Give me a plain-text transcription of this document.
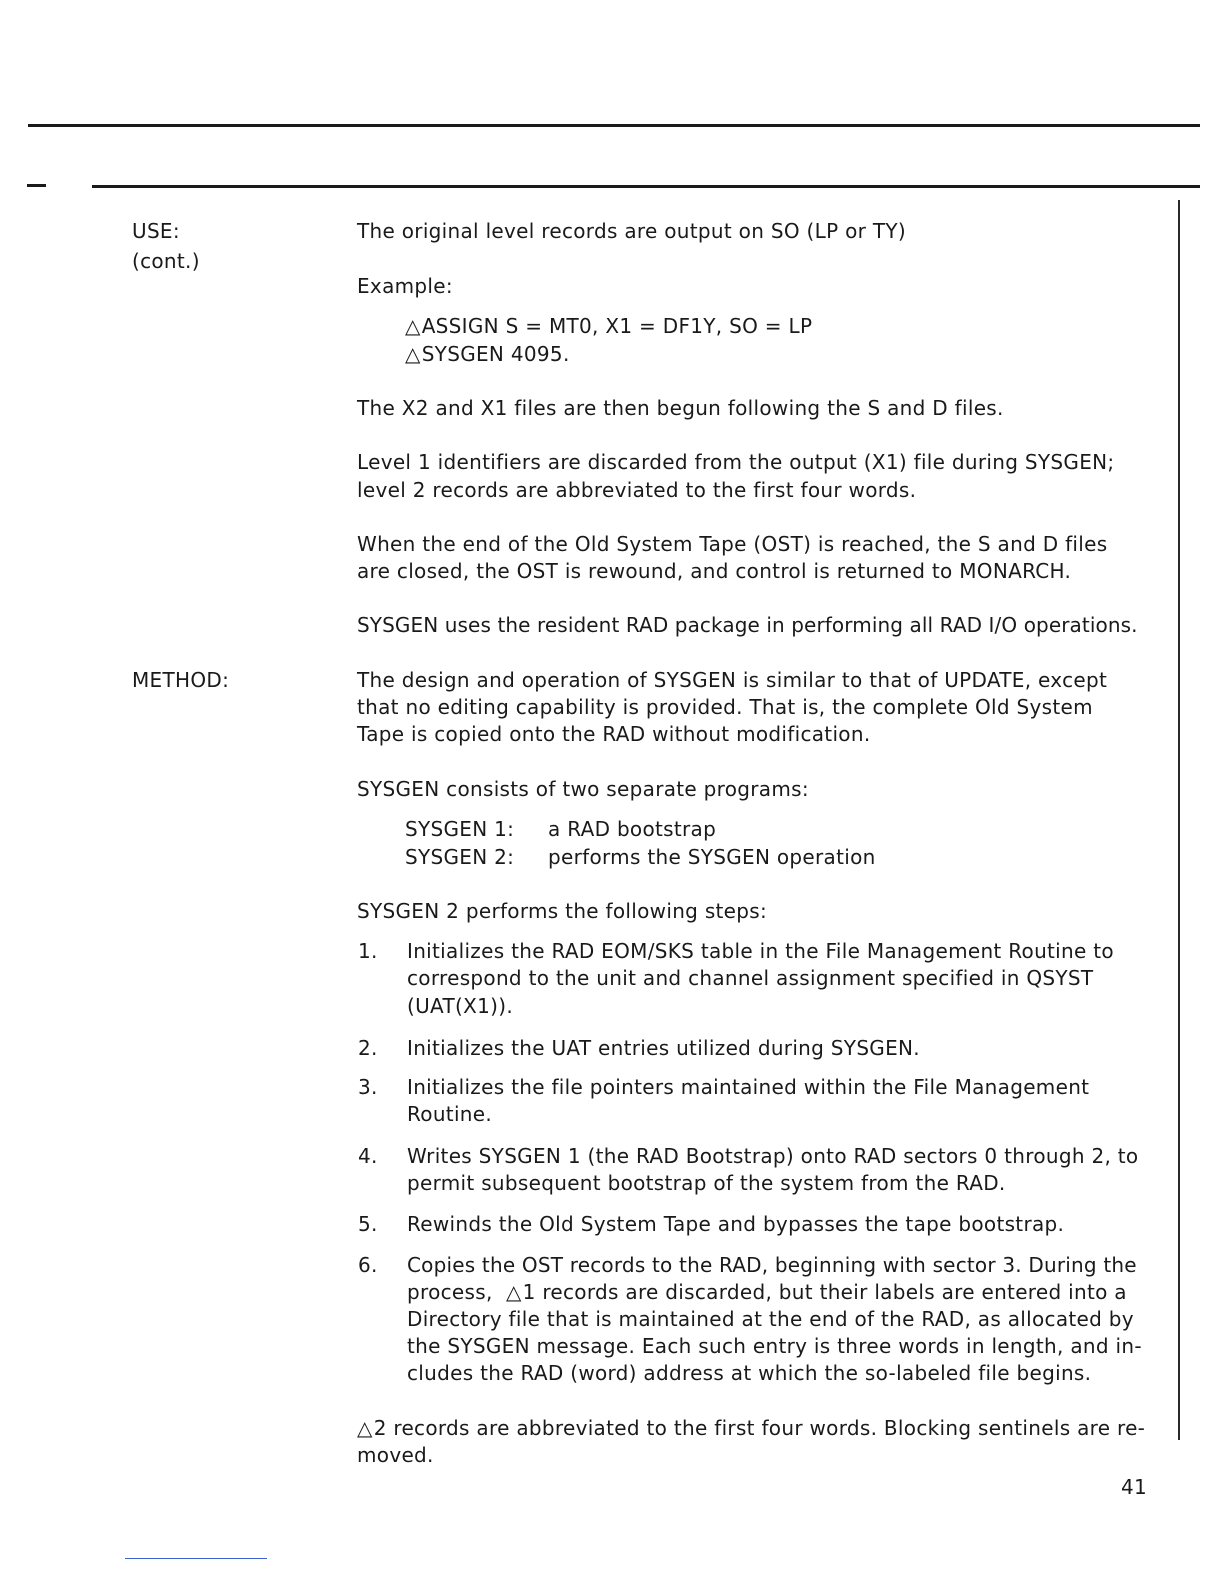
USE:
(cont.)
The original level records are output on SO (LP or TY)
Example:
△ASSIGN S = MT0, X1 = DF1Y, SO = LP
△SYSGEN 4095.
The X2 and X1 files are then begun following the S and D files.
Level 1 identifiers are discarded from the output (X1) file during SYSGEN;
level 2 records are abbreviated to the first four words.
When the end of the Old System Tape (OST) is reached, the S and D files
are closed, the OST is rewound, and control is returned to MONARCH.
SYSGEN uses the resident RAD package in performing all RAD I/O operations.
METHOD:	The design and operation of SYSGEN is similar to that of UPDATE, except
that no editing capability is provided. That is, the complete Old System
Tape is copied onto the RAD without modification.
SYSGEN consists of two separate programs:
SYSGEN 1: a RAD bootstrap
SYSGEN 2: performs the SYSGEN operation
SYSGEN 2 performs the following steps:
1. Initializes the RAD EOM/SKS table in the File Management Routine to
correspond to the unit and channel assignment specified in QSYST
(UAT(X1)).
2. Initializes the UAT entries utilized during SYSGEN.
3. Initializes the file pointers maintained within the File Management
Routine.
4. Writes SYSGEN 1 (the RAD Bootstrap) onto RAD sectors 0 through 2, to
permit subsequent bootstrap of the system from the RAD.
5. Rewinds the Old System Tape and bypasses the tape bootstrap.
6. Copies the OST records to the RAD, beginning with sector 3. During the
process, △1 records are discarded, but their labels are entered into a
Directory file that is maintained at the end of the RAD, as allocated by
the SYSGEN message. Each such entry is three words in length, and in-
cludes the RAD (word) address at which the so-labeled file begins.
△2 records are abbreviated to the first four words. Blocking sentinels are re-
moved.
41
